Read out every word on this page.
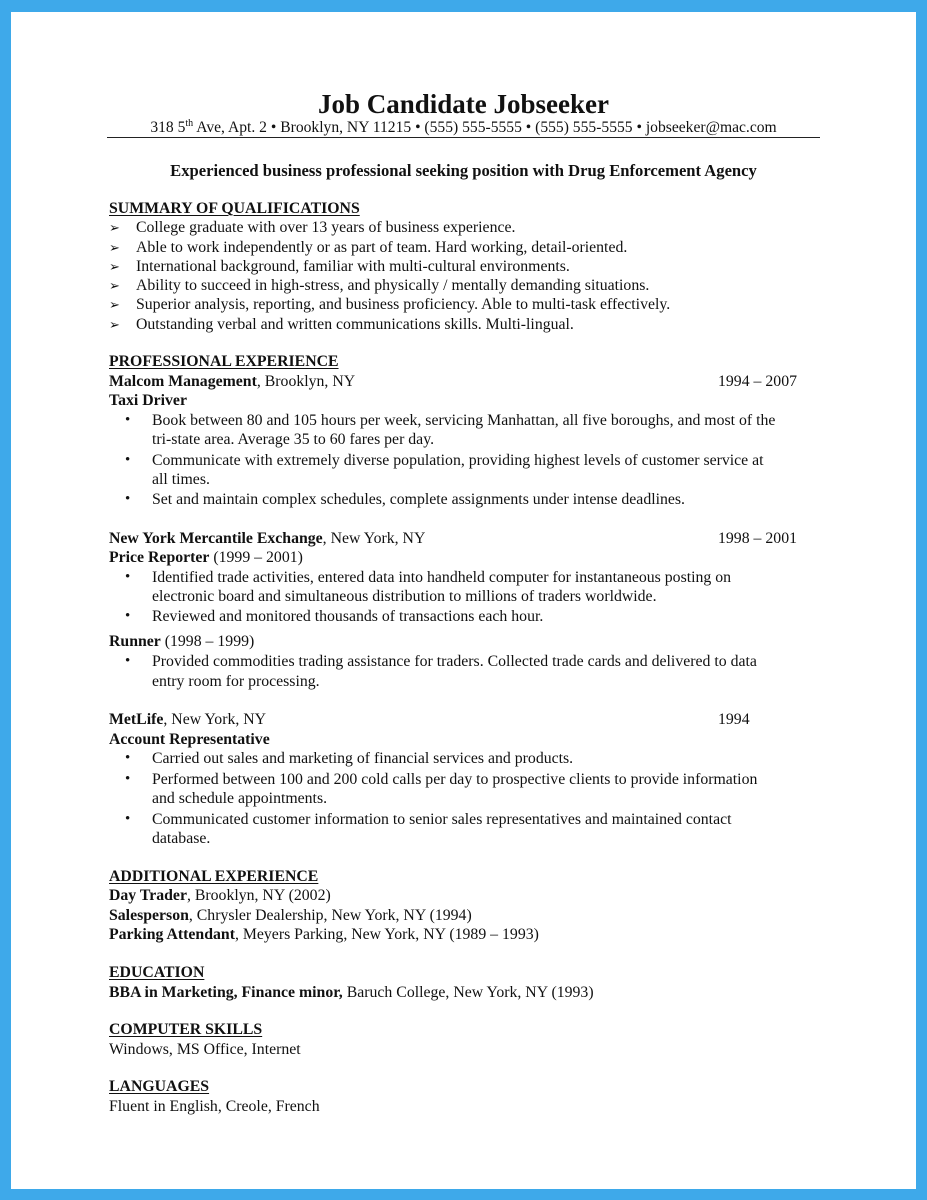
Job Candidate Jobseeker
318 5th Ave, Apt. 2 • Brooklyn, NY 11215 • (555) 555-5555 • (555) 555-5555 • jobseeker@mac.com
Experienced business professional seeking position with Drug Enforcement Agency
SUMMARY OF QUALIFICATIONS
➢ College graduate with over 13 years of business experience.
➢ Able to work independently or as part of team. Hard working, detail-oriented.
➢ International background, familiar with multi-cultural environments.
➢ Ability to succeed in high-stress, and physically / mentally demanding situations.
➢ Superior analysis, reporting, and business proficiency. Able to multi-task effectively.
➢ Outstanding verbal and written communications skills. Multi-lingual.
PROFESSIONAL EXPERIENCE
Malcom Management, Brooklyn, NY	1994 – 2007
Taxi Driver
• Book between 80 and 105 hours per week, servicing Manhattan, all five boroughs, and most of the
tri-state area. Average 35 to 60 fares per day.
• Communicate with extremely diverse population, providing highest levels of customer service at
all times.
• Set and maintain complex schedules, complete assignments under intense deadlines.
New York Mercantile Exchange, New York, NY	1998 – 2001
Price Reporter (1999 – 2001)
• Identified trade activities, entered data into handheld computer for instantaneous posting on
electronic board and simultaneous distribution to millions of traders worldwide.
• Reviewed and monitored thousands of transactions each hour.
Runner (1998 – 1999)
• Provided commodities trading assistance for traders. Collected trade cards and delivered to data
entry room for processing.
MetLife, New York, NY	1994
Account Representative
• Carried out sales and marketing of financial services and products.
• Performed between 100 and 200 cold calls per day to prospective clients to provide information
and schedule appointments.
• Communicated customer information to senior sales representatives and maintained contact
database.
ADDITIONAL EXPERIENCE
Day Trader, Brooklyn, NY (2002)
Salesperson, Chrysler Dealership, New York, NY (1994)
Parking Attendant, Meyers Parking, New York, NY (1989 – 1993)
EDUCATION
BBA in Marketing, Finance minor, Baruch College, New York, NY (1993)
COMPUTER SKILLS
Windows, MS Office, Internet
LANGUAGES
Fluent in English, Creole, French
